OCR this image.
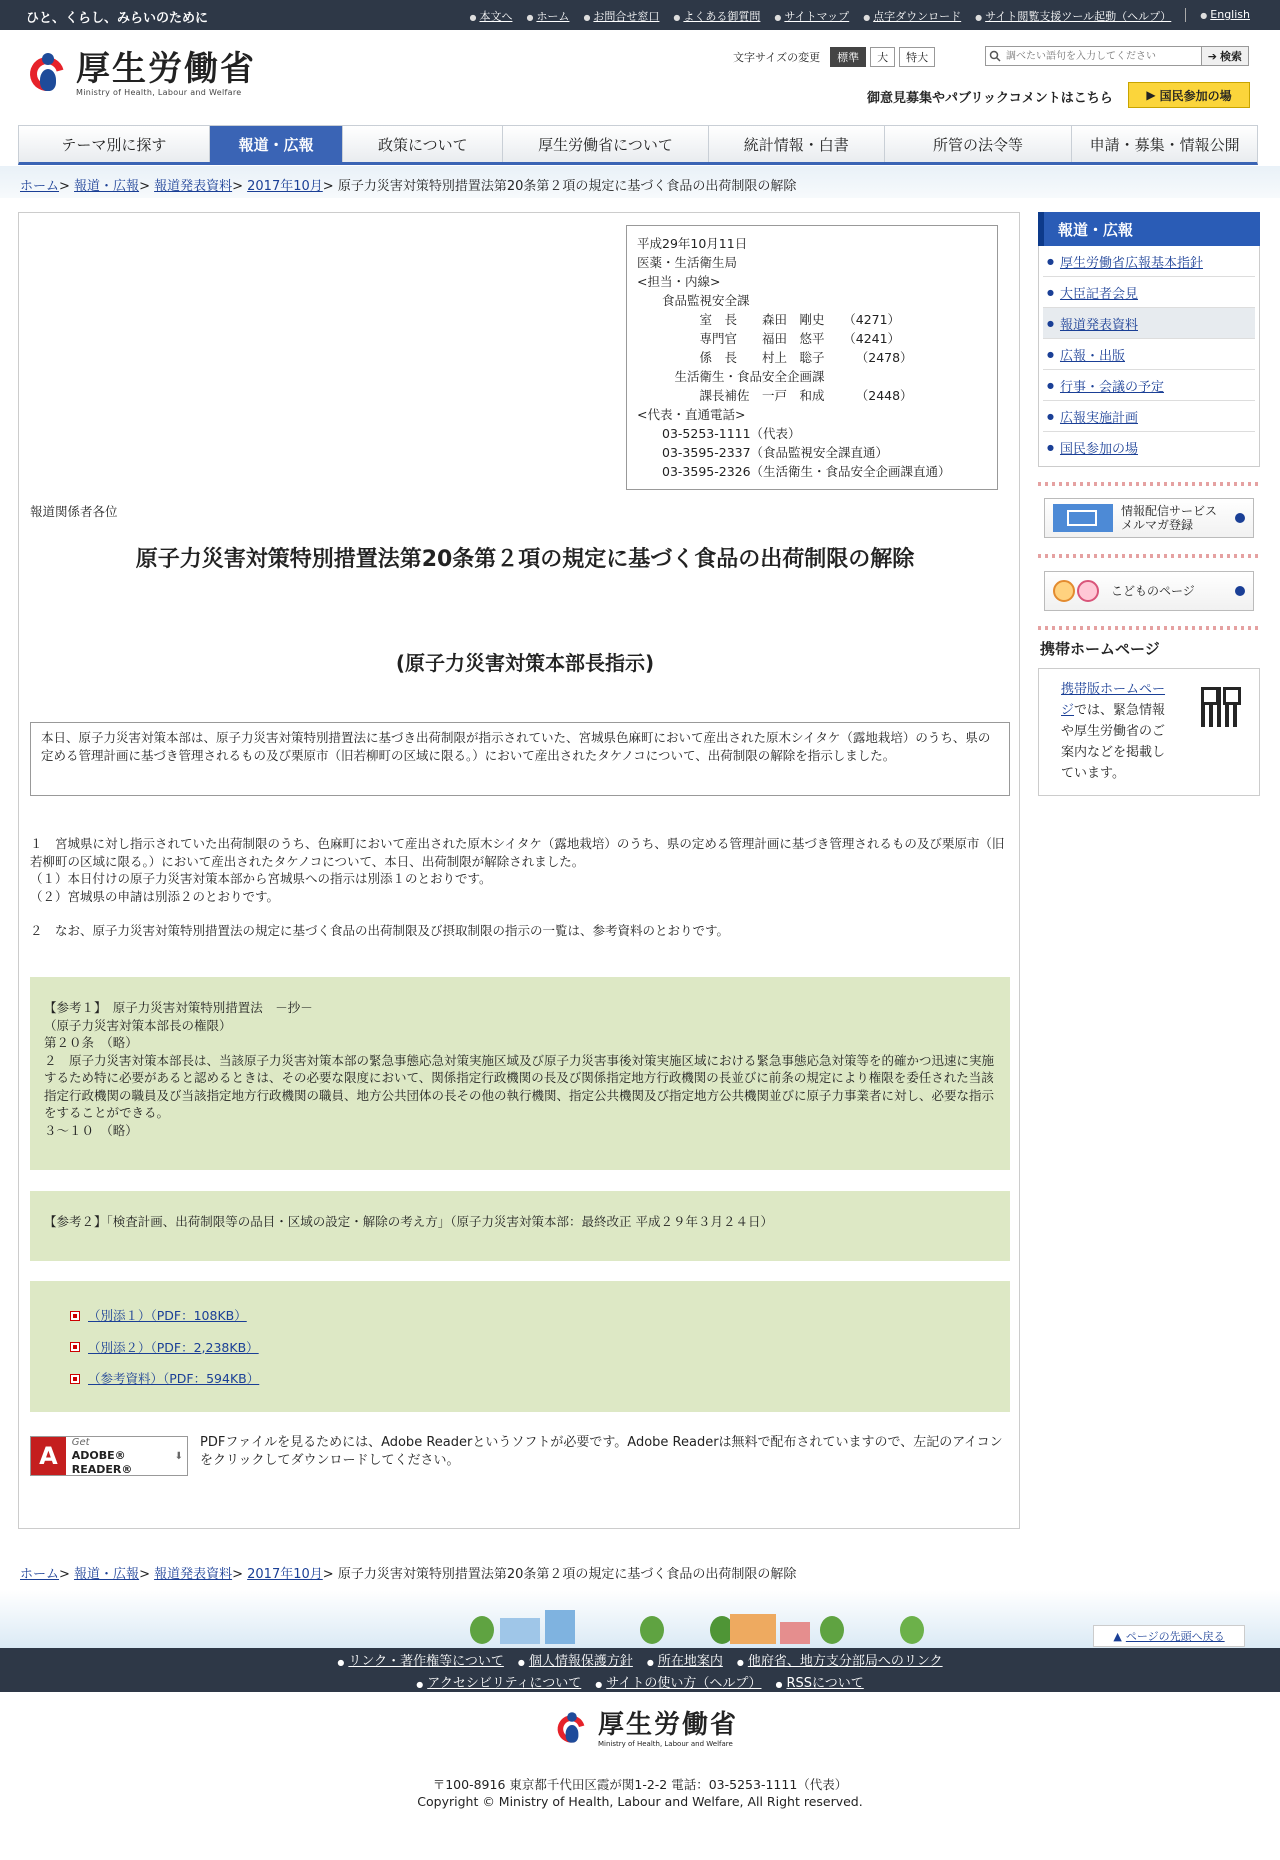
ひと、くらし、みらいのために	● 本文へ	● ホーム	● お問合せ窓口	● よくある御質問	● サイトマップ	● 点字ダウンロード	● サイト閲覧支援ツール起動（ヘルプ）	● English
厚生労働省
Ministry of Health, Labour and Welfare
文字サイズの変更	標準	大	特大
調べたい語句を入力してください	➔ 検索
御意見募集やパブリックコメントはこちら	▶ 国民参加の場
テーマ別に探す	報道・広報	政策について	厚生労働省について	統計情報・白書	所管の法令等	申請・募集・情報公開
ホーム> 報道・広報> 報道発表資料> 2017年10月> 原子力災害対策特別措置法第20条第２項の規定に基づく食品の出荷制限の解除
平成29年10月11日
医薬・生活衛生局
<担当・内線>
　　食品監視安全課
　　　　　室　長　　森田　剛史　　（4271）
　　　　　専門官　　福田　悠平　　（4241）
　　　　　係　長　　村上　聡子　　　（2478）
　　　生活衛生・食品安全企画課
　　　　　課長補佐　一戸　和成　　　（2448）
<代表・直通電話>
　　03-5253-1111（代表）
　　03-3595-2337（食品監視安全課直通）
　　03-3595-2326（生活衛生・食品安全企画課直通）
報道関係者各位
原子力災害対策特別措置法第20条第２項の規定に基づく食品の出荷制限の解除
(原子力災害対策本部長指示)
本日、原子力災害対策本部は、原子力災害対策特別措置法に基づき出荷制限が指示されていた、宮城県色麻町において産出された原木シイタケ（露地栽培）のうち、県の定める管理計画に基づき管理されるもの及び栗原市（旧若柳町の区域に限る。）において産出されたタケノコについて、出荷制限の解除を指示しました。
１　宮城県に対し指示されていた出荷制限のうち、色麻町において産出された原木シイタケ（露地栽培）のうち、県の定める管理計画に基づき管理されるもの及び栗原市（旧若柳町の区域に限る。）において産出されたタケノコについて、本日、出荷制限が解除されました。
（１）本日付けの原子力災害対策本部から宮城県への指示は別添１のとおりです。
（２）宮城県の申請は別添２のとおりです。
２　なお、原子力災害対策特別措置法の規定に基づく食品の出荷制限及び摂取制限の指示の一覧は、参考資料のとおりです。
【参考１】　原子力災害対策特別措置法　－抄－
（原子力災害対策本部長の権限）
第２０条　（略）
２　原子力災害対策本部長は、当該原子力災害対策本部の緊急事態応急対策実施区域及び原子力災害事後対策実施区域における緊急事態応急対策等を的確かつ迅速に実施するため特に必要があると認めるときは、その必要な限度において、関係指定行政機関の長及び関係指定地方行政機関の長並びに前条の規定により権限を委任された当該指定行政機関の職員及び当該指定地方行政機関の職員、地方公共団体の長その他の執行機関、指定公共機関及び指定地方公共機関並びに原子力事業者に対し、必要な指示をすることができる。
３～１０　（略）
【参考２】「検査計画、出荷制限等の品目・区域の設定・解除の考え方」（原子力災害対策本部：最終改正 平成２９年３月２４日）
（別添１）（PDF：108KB）
（別添２）（PDF：2,238KB）
（参考資料）（PDF：594KB）
A	Get
ADOBE® READER®
⬇
PDFファイルを見るためには、Adobe Readerというソフトが必要です。Adobe Readerは無料で配布されていますので、左記のアイコンをクリックしてダウンロードしてください。
報道・広報
● 厚生労働省広報基本指針
● 大臣記者会見
● 報道発表資料
● 広報・出版
● 行事・会議の予定
● 広報実施計画
● 国民参加の場
情報配信サービス
メルマガ登録
こどものページ
携帯ホームページ
携帯版ホームページでは、緊急情報や厚生労働省のご案内などを掲載しています。
ホーム> 報道・広報> 報道発表資料> 2017年10月> 原子力災害対策特別措置法第20条第２項の規定に基づく食品の出荷制限の解除
▲ ページの先頭へ戻る
● リンク・著作権等について	● 個人情報保護方針	● 所在地案内	● 他府省、地方支分部局へのリンク
● アクセシビリティについて	● サイトの使い方（ヘルプ）	● RSSについて
厚生労働省
Ministry of Health, Labour and Welfare
〒100-8916 東京都千代田区霞が関1-2-2 電話：03-5253-1111（代表）
Copyright © Ministry of Health, Labour and Welfare, All Right reserved.
